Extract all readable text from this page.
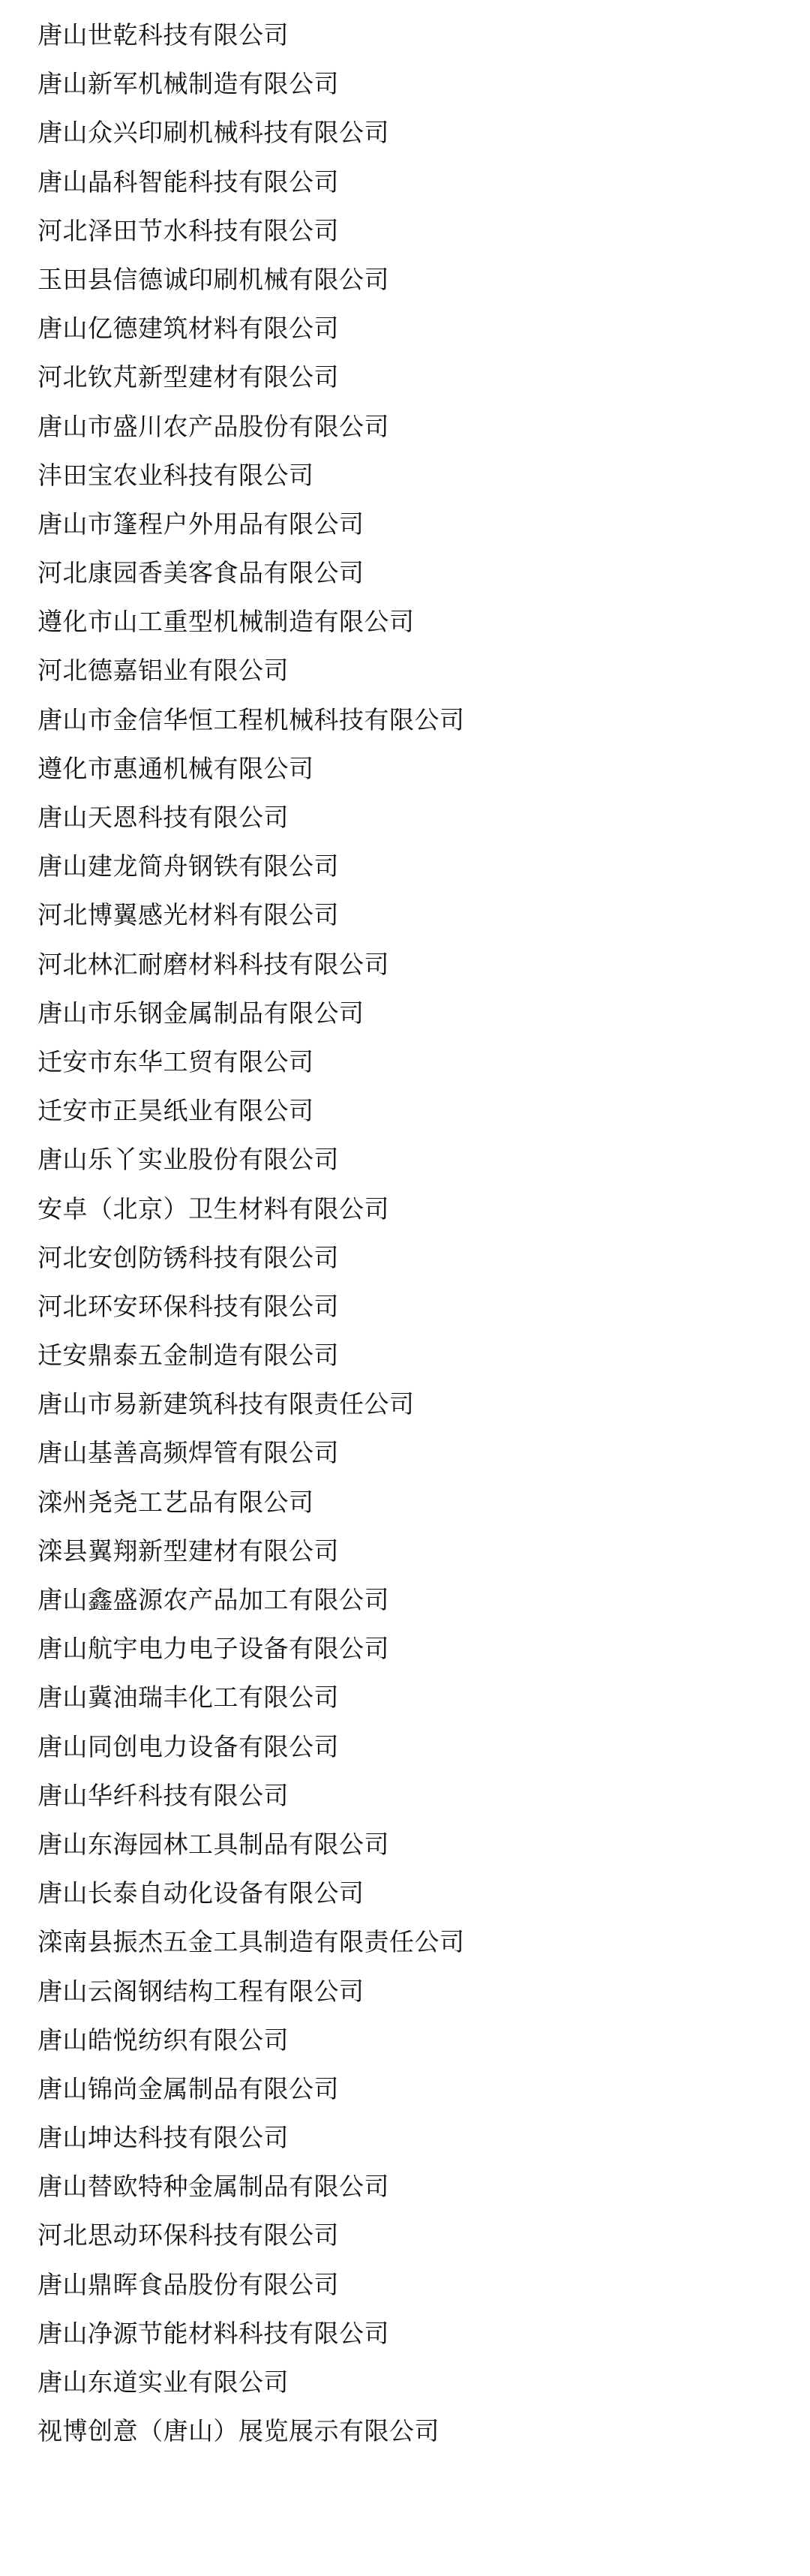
唐山世乾科技有限公司
唐山新军机械制造有限公司
唐山众兴印刷机械科技有限公司
唐山晶科智能科技有限公司
河北泽田节水科技有限公司
玉田县信德诚印刷机械有限公司
唐山亿德建筑材料有限公司
河北钦芃新型建材有限公司
唐山市盛川农产品股份有限公司
沣田宝农业科技有限公司
唐山市篷程户外用品有限公司
河北康园香美客食品有限公司
遵化市山工重型机械制造有限公司
河北德嘉铝业有限公司
唐山市金信华恒工程机械科技有限公司
遵化市惠通机械有限公司
唐山天恩科技有限公司
唐山建龙简舟钢铁有限公司
河北博翼感光材料有限公司
河北林汇耐磨材料科技有限公司
唐山市乐钢金属制品有限公司
迁安市东华工贸有限公司
迁安市正昊纸业有限公司
唐山乐丫实业股份有限公司
安卓（北京）卫生材料有限公司
河北安创防锈科技有限公司
河北环安环保科技有限公司
迁安鼎泰五金制造有限公司
唐山市易新建筑科技有限责任公司
唐山基善高频焊管有限公司
滦州尧尧工艺品有限公司
滦县翼翔新型建材有限公司
唐山鑫盛源农产品加工有限公司
唐山航宇电力电子设备有限公司
唐山冀油瑞丰化工有限公司
唐山同创电力设备有限公司
唐山华纤科技有限公司
唐山东海园林工具制品有限公司
唐山长泰自动化设备有限公司
滦南县振杰五金工具制造有限责任公司
唐山云阁钢结构工程有限公司
唐山皓悦纺织有限公司
唐山锦尚金属制品有限公司
唐山坤达科技有限公司
唐山替欧特种金属制品有限公司
河北思动环保科技有限公司
唐山鼎晖食品股份有限公司
唐山净源节能材料科技有限公司
唐山东道实业有限公司
视博创意（唐山）展览展示有限公司
